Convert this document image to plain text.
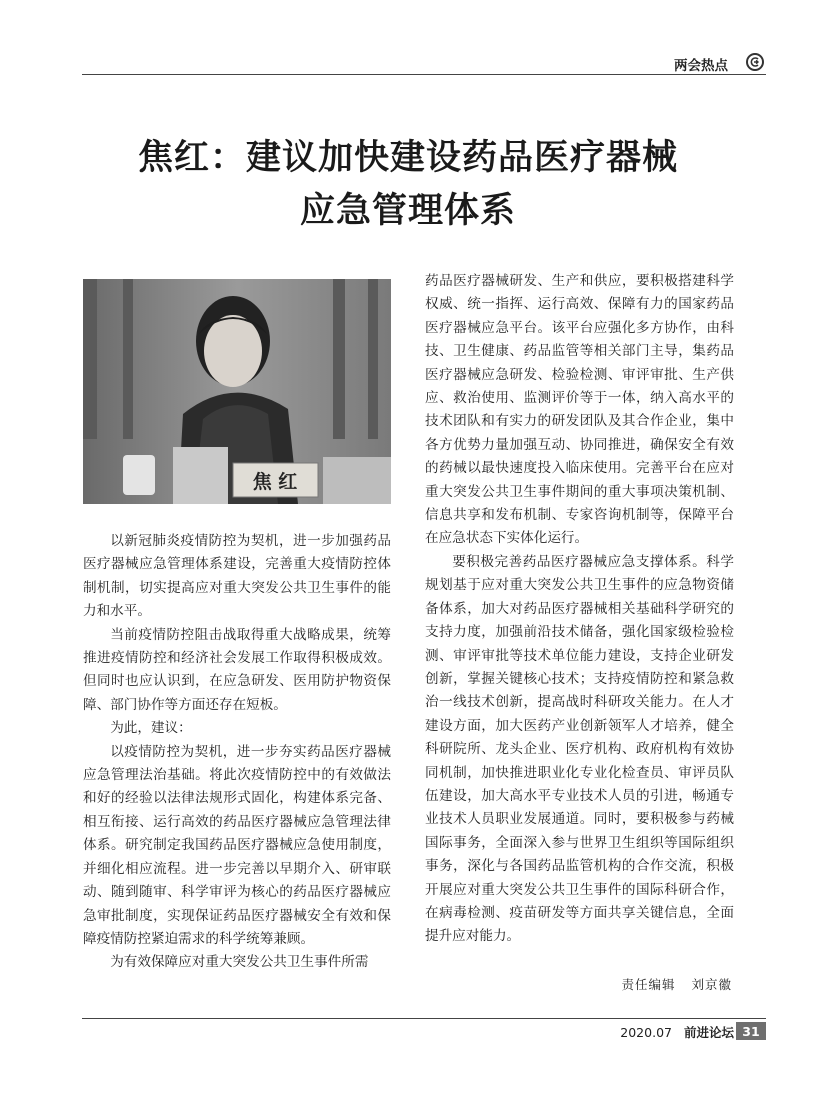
两会热点
焦红：建议加快建设药品医疗器械
应急管理体系
焦 红

以新冠肺炎疫情防控为契机，进一步加强药品医疗器械应急管理体系建设，完善重大疫情防控体制机制，切实提高应对重大突发公共卫生事件的能力和水平。

当前疫情防控阻击战取得重大战略成果，统筹推进疫情防控和经济社会发展工作取得积极成效。但同时也应认识到，在应急研发、医用防护物资保障、部门协作等方面还存在短板。

为此，建议：

以疫情防控为契机，进一步夯实药品医疗器械应急管理法治基础。将此次疫情防控中的有效做法和好的经验以法律法规形式固化，构建体系完备、相互衔接、运行高效的药品医疗器械应急管理法律体系。研究制定我国药品医疗器械应急使用制度，并细化相应流程。进一步完善以早期介入、研审联动、随到随审、科学审评为核心的药品医疗器械应急审批制度，实现保证药品医疗器械安全有效和保障疫情防控紧迫需求的科学统筹兼顾。

为有效保障应对重大突发公共卫生事件所需

药品医疗器械研发、生产和供应，要积极搭建科学权威、统一指挥、运行高效、保障有力的国家药品医疗器械应急平台。该平台应强化多方协作，由科技、卫生健康、药品监管等相关部门主导，集药品医疗器械应急研发、检验检测、审评审批、生产供应、救治使用、监测评价等于一体，纳入高水平的技术团队和有实力的研发团队及其合作企业，集中各方优势力量加强互动、协同推进，确保安全有效的药械以最快速度投入临床使用。完善平台在应对重大突发公共卫生事件期间的重大事项决策机制、信息共享和发布机制、专家咨询机制等，保障平台在应急状态下实体化运行。

要积极完善药品医疗器械应急支撑体系。科学规划基于应对重大突发公共卫生事件的应急物资储备体系，加大对药品医疗器械相关基础科学研究的支持力度，加强前沿技术储备，强化国家级检验检测、审评审批等技术单位能力建设，支持企业研发创新，掌握关键核心技术；支持疫情防控和紧急救治一线技术创新，提高战时科研攻关能力。在人才建设方面，加大医药产业创新领军人才培养，健全科研院所、龙头企业、医疗机构、政府机构有效协同机制，加快推进职业化专业化检查员、审评员队伍建设，加大高水平专业技术人员的引进，畅通专业技术人员职业发展通道。同时，要积极参与药械国际事务，全面深入参与世界卫生组织等国际组织事务，深化与各国药品监管机构的合作交流，积极开展应对重大突发公共卫生事件的国际科研合作，在病毒检测、疫苗研发等方面共享关键信息，全面提升应对能力。

责任编辑 刘京徽
2020.07 前进论坛 31
